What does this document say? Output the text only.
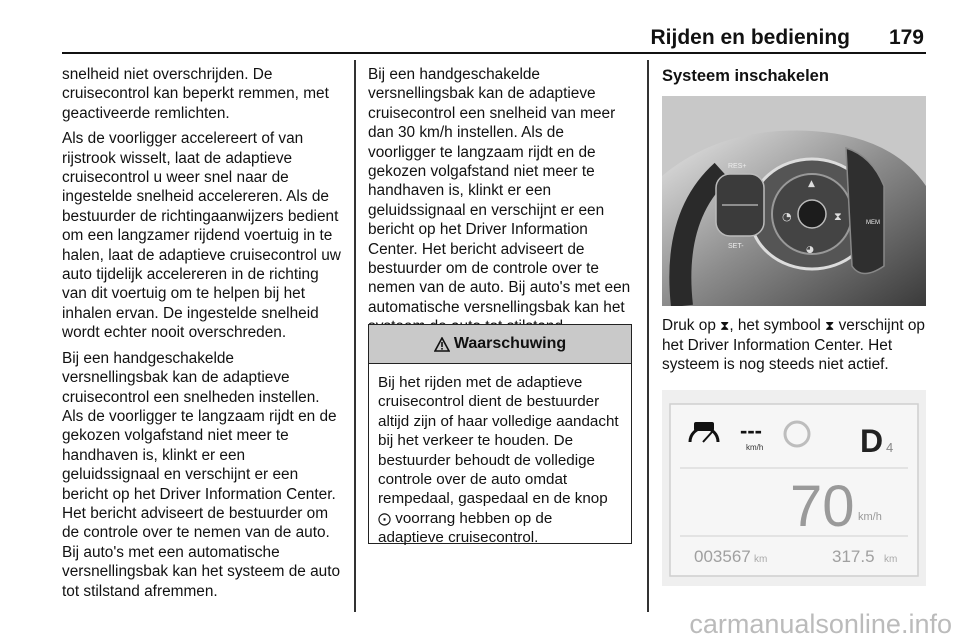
Rijden en bediening 179

snelheid niet overschrijden. De cruisecontrol kan beperkt remmen, met geactiveerde remlichten.

Als de voorligger accelereert of van rijstrook wisselt, laat de adaptieve cruisecontrol u weer snel naar de ingestelde snelheid accelereren. Als de bestuurder de richtingaanwijzers bedient om een langzamer rijdend voertuig in te halen, laat de adaptieve cruisecontrol uw auto tijdelijk accelereren in de richting van dit voertuig om te helpen bij het inhalen ervan. De ingestelde snelheid wordt echter nooit overschreden.

Bij een handgeschakelde versnellingsbak kan de adaptieve cruisecontrol een snelheden instellen. Als de voorligger te langzaam rijdt en de gekozen volgafstand niet meer te handhaven is, klinkt er een geluidssignaal en verschijnt er een bericht op het Driver Information Center. Het bericht adviseert de bestuurder om de controle over te nemen van de auto. Bij auto's met een automatische versnellingsbak kan het systeem de auto tot stilstand afremmen.

Bij een handgeschakelde versnellingsbak kan de adaptieve cruisecontrol een snelheid van meer dan 30 km/h instellen. Als de voorligger te langzaam rijdt en de gekozen volgafstand niet meer te handhaven is, klinkt er een geluidssignaal en verschijnt er een bericht op het Driver Information Center. Het bericht adviseert de bestuurder om de controle over te nemen van de auto. Bij auto's met een automatische versnellingsbak kan het

Waarschuwing
Bij het rijden met de adaptieve cruisecontrol dient de bestuurder altijd zijn of haar volledige aandacht bij het verkeer te houden. De bestuurder behoudt de volledige controle over de auto omdat rempedaal, gaspedaal en de knop ⨀ voorrang hebben op de adaptieve cruisecontrol.
Systeem inschakelen

Druk op ⧗, het symbool ⧗ verschijnt op het Driver Information Center. Het systeem is nog steeds niet actief.

RES+
SET-
MEM
◔	⧗
▲
◕
---
km/h	D 4
70 km/h
003567 km	317.5 km
carmanualsonline.info
